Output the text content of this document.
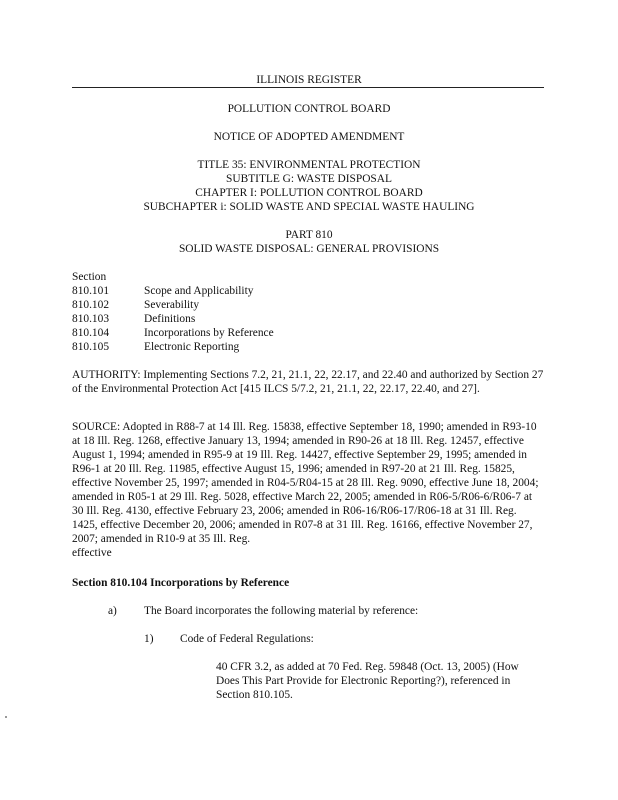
ILLINOIS REGISTER
POLLUTION CONTROL BOARD
NOTICE OF ADOPTED AMENDMENT
TITLE 35: ENVIRONMENTAL PROTECTION
SUBTITLE G: WASTE DISPOSAL
CHAPTER I: POLLUTION CONTROL BOARD
SUBCHAPTER i: SOLID WASTE AND SPECIAL WASTE HAULING
PART 810
SOLID WASTE DISPOSAL: GENERAL PROVISIONS
Section
810.101	Scope and Applicability
810.102	Severability
810.103	Definitions
810.104	Incorporations by Reference
810.105	Electronic Reporting
AUTHORITY: Implementing Sections 7.2, 21, 21.1, 22, 22.17, and 22.40 and authorized by Section 27 of the Environmental Protection Act [415 ILCS 5/7.2, 21, 21.1, 22, 22.17, 22.40, and 27].
SOURCE: Adopted in R88-7 at 14 Ill. Reg. 15838, effective September 18, 1990; amended in R93-10 at 18 Ill. Reg. 1268, effective January 13, 1994; amended in R90-26 at 18 Ill. Reg. 12457, effective August 1, 1994; amended in R95-9 at 19 Ill. Reg. 14427, effective September 29, 1995; amended in R96-1 at 20 Ill. Reg. 11985, effective August 15, 1996; amended in R97-20 at 21 Ill. Reg. 15825, effective November 25, 1997; amended in R04-5/R04-15 at 28 Ill. Reg. 9090, effective June 18, 2004; amended in R05-1 at 29 Ill. Reg. 5028, effective March 22, 2005; amended in R06-5/R06-6/R06-7 at 30 Ill. Reg. 4130, effective February 23, 2006; amended in R06-16/R06-17/R06-18 at 31 Ill. Reg. 1425, effective December 20, 2006; amended in R07-8 at 31 Ill. Reg. 16166, effective November 27, 2007; amended in R10-9 at 35 Ill. Reg.
effective
Section 810.104 Incorporations by Reference
a) The Board incorporates the following material by reference:
1) Code of Federal Regulations:
40 CFR 3.2, as added at 70 Fed. Reg. 59848 (Oct. 13, 2005) (How Does This Part Provide for Electronic Reporting?), referenced in Section 810.105.
